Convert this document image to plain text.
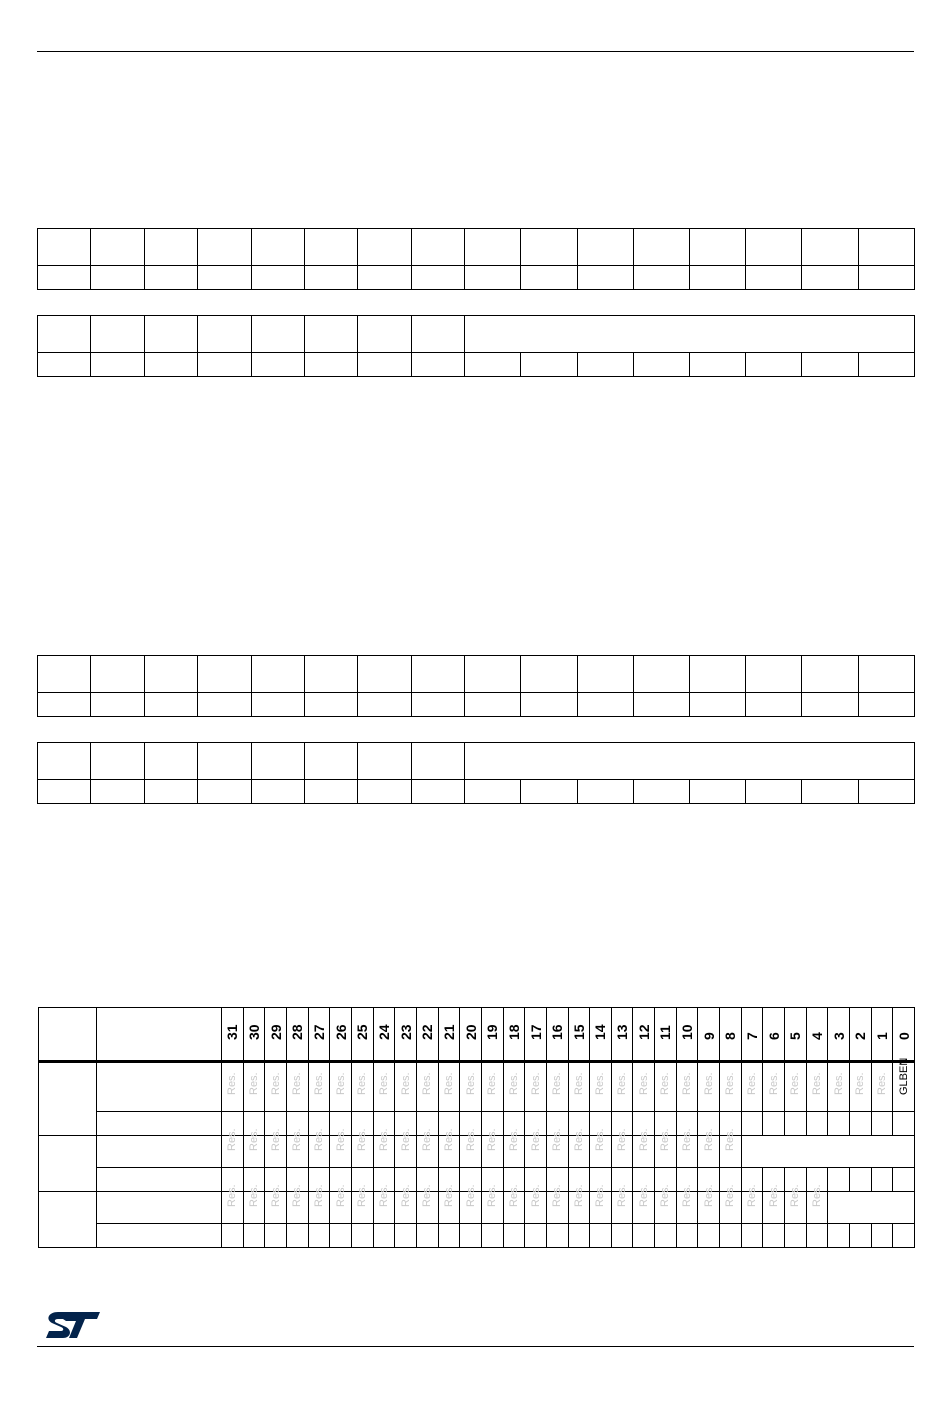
		31	30	29	28	27	26	25	24	23	22	21	20	19	18	17	16	15	14	13	12	11	10	9	8	7	6	5	4	3	2	1	0

		Res.	Res.	Res.	Res.	Res.	Res.	Res.	Res.	Res.	Res.	Res.	Res.	Res.	Res.	Res.	Res.	Res.	Res.	Res.	Res.	Res.	Res.	Res.	Res.	Res.	Res.	Res.	Res.	Res.	Res.	Res.	GLBEN

		Res.	Res.	Res.	Res.	Res.	Res.	Res.	Res.	Res.	Res.	Res.	Res.	Res.	Res.	Res.	Res.	Res.	Res.	Res.	Res.	Res.	Res.	Res.	Res.								

		Res.	Res.	Res.	Res.	Res.	Res.	Res.	Res.	Res.	Res.	Res.	Res.	Res.	Res.	Res.	Res.	Res.	Res.	Res.	Res.	Res.	Res.	Res.	Res.	Res.	Res.	Res.	Res.				
